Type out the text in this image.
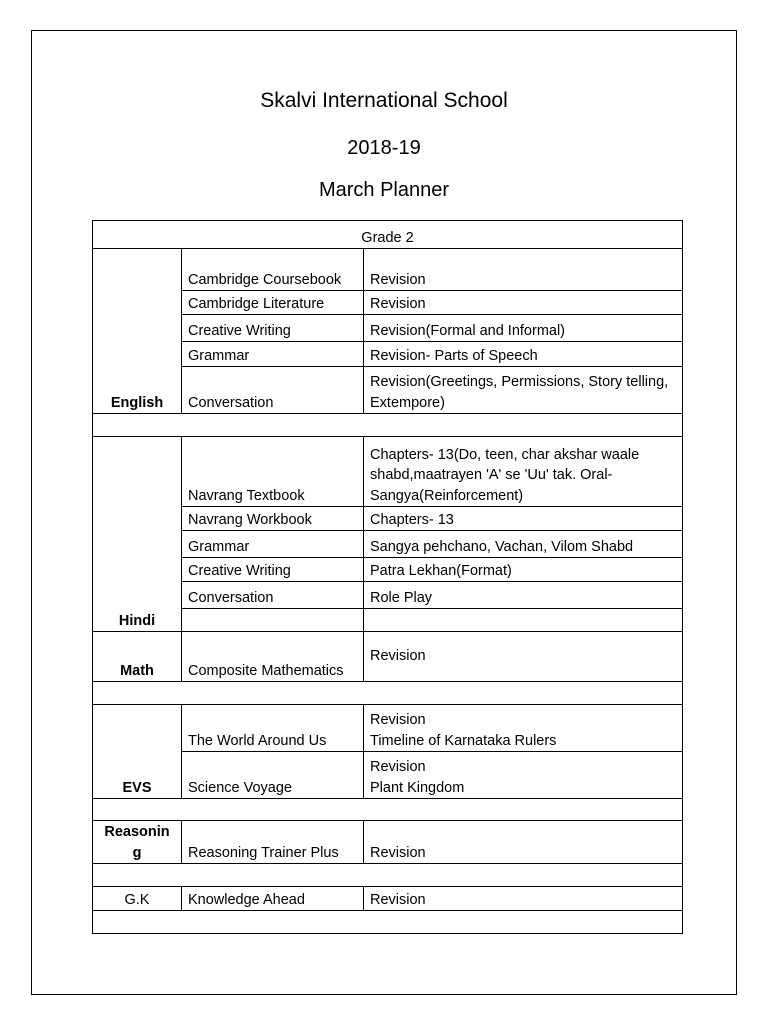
Skalvi International School
2018-19
March Planner
Grade 2		
English	Cambridge Coursebook	Revision
	Cambridge Literature	Revision
	Creative Writing	Revision(Formal and Informal)
	Grammar	Revision- Parts of Speech
	Conversation	Revision(Greetings, Permissions, Story telling, Extempore)

Hindi	Navrang Textbook	Chapters- 13(Do, teen, char akshar waale shabd,maatrayen 'A' se 'Uu' tak. Oral- Sangya(Reinforcement)
	Navrang Workbook	Chapters- 13
	Grammar	Sangya pehchano, Vachan, Vilom Shabd
	Creative Writing	Patra Lekhan(Format)
	Conversation	Role Play

Math	Composite Mathematics	Revision

EVS	The World Around Us	Revision
Timeline of Karnataka Rulers

	Science Voyage	Revision
Plant Kingdom

Reasonin
g	Reasoning Trainer Plus	Revision

G.K	Knowledge Ahead	Revision
